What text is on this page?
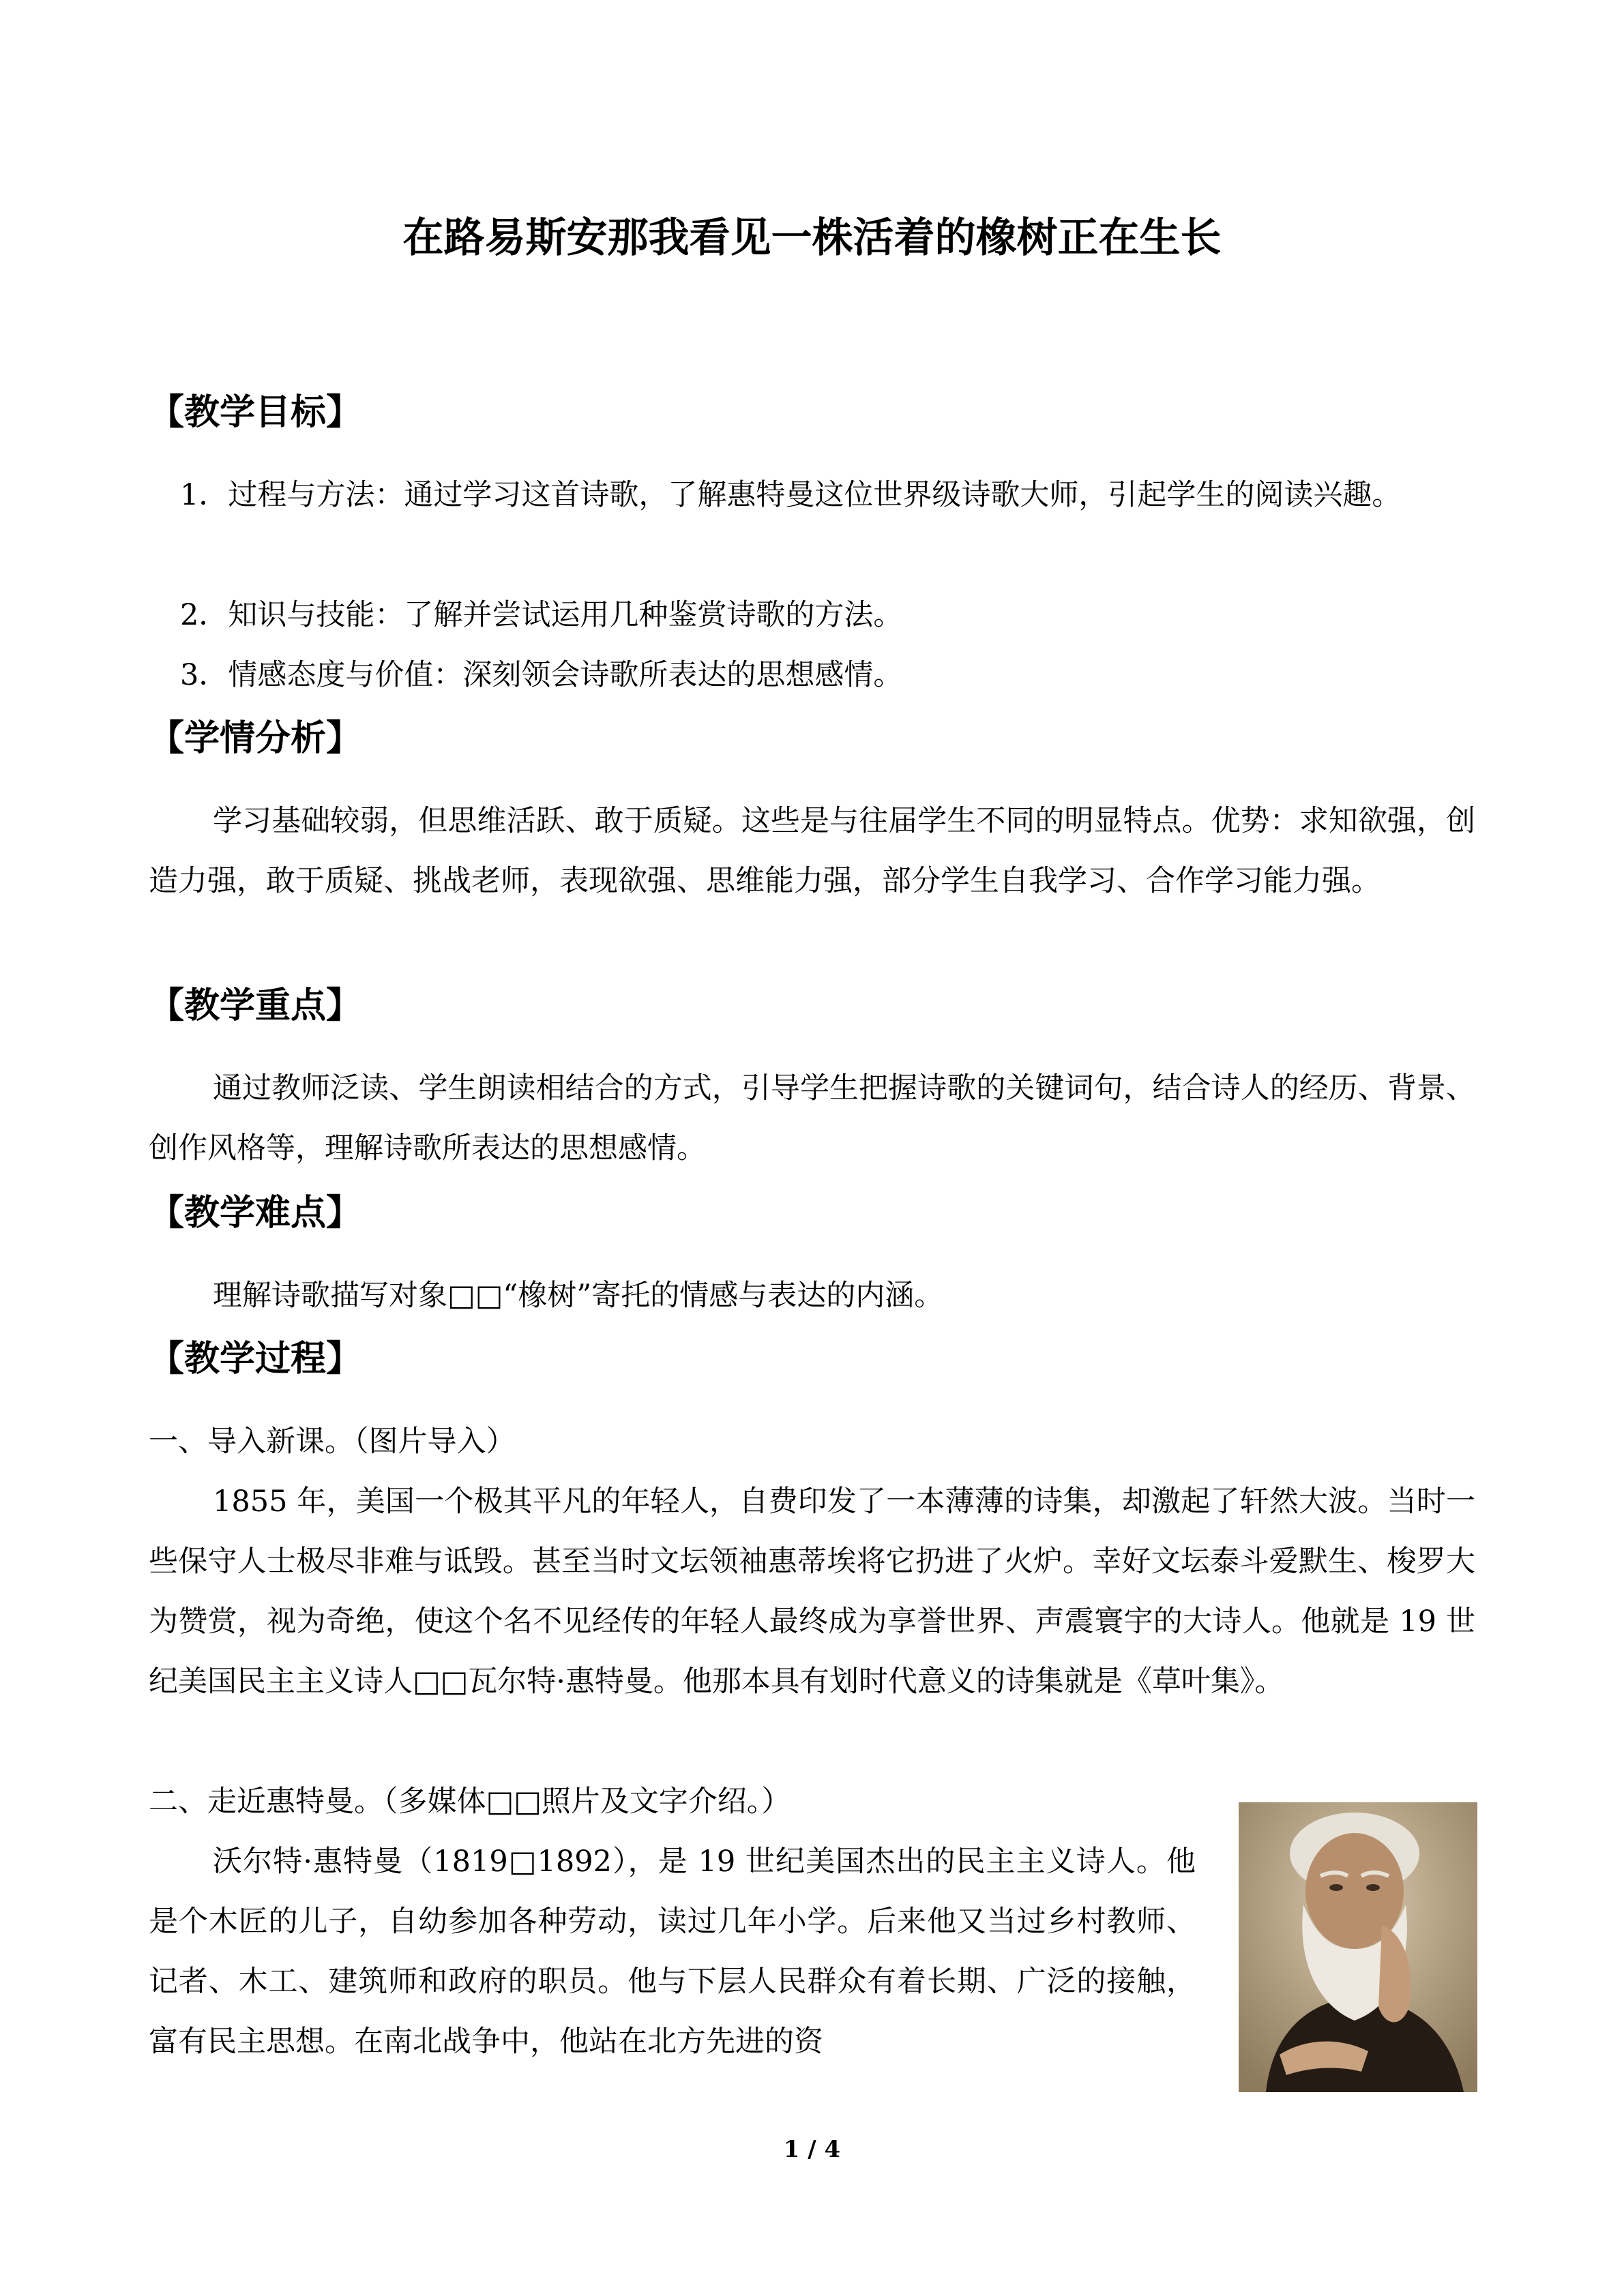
在路易斯安那我看见一株活着的橡树正在生长
【教学目标】

1．过程与方法：通过学习这首诗歌，了解惠特曼这位世界级诗歌大师，引起学生的阅读兴趣。

2．知识与技能：了解并尝试运用几种鉴赏诗歌的方法。

3．情感态度与价值：深刻领会诗歌所表达的思想感情。

【学情分析】

学习基础较弱，但思维活跃、敢于质疑。这些是与往届学生不同的明显特点。优势：求知欲强，创造力强，敢于质疑、挑战老师，表现欲强、思维能力强，部分学生自我学习、合作学习能力强。

【教学重点】

通过教师泛读、学生朗读相结合的方式，引导学生把握诗歌的关键词句，结合诗人的经历、背景、创作风格等，理解诗歌所表达的思想感情。

【教学难点】

理解诗歌描写对象□□“橡树”寄托的情感与表达的内涵。

【教学过程】

一、导入新课。（图片导入）

1855 年，美国一个极其平凡的年轻人，自费印发了一本薄薄的诗集，却激起了轩然大波。当时一些保守人士极尽非难与诋毁。甚至当时文坛领袖惠蒂埃将它扔进了火炉。幸好文坛泰斗爱默生、梭罗大为赞赏，视为奇绝，使这个名不见经传的年轻人最终成为享誉世界、声震寰宇的大诗人。他就是 19 世纪美国民主主义诗人□□瓦尔特·惠特曼。他那本具有划时代意义的诗集就是《草叶集》。

二、走近惠特曼。（多媒体□□照片及文字介绍。）

沃尔特·惠特曼（1819□1892），是 19 世纪美国杰出的民主主义诗人。他是个木匠的儿子，自幼参加各种劳动，读过几年小学。后来他又当过乡村教师、记者、木工、建筑师和政府的职员。他与下层人民群众有着长期、广泛的接触，富有民主思想。在南北战争中，他站在北方先进的资

1 / 4
